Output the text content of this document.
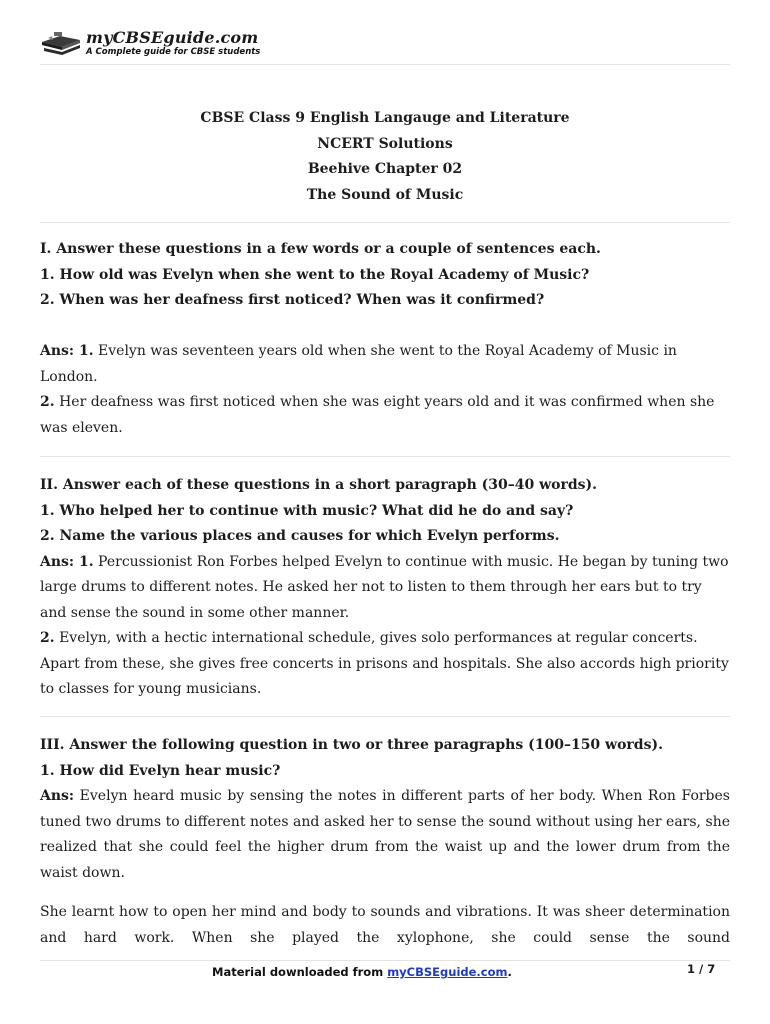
myCBSEguide.com
A Complete guide for CBSE students
CBSE Class 9 English Langauge and Literature
NCERT Solutions
Beehive Chapter 02
The Sound of Music

I. Answer these questions in a few words or a couple of sentences each.

1. How old was Evelyn when she went to the Royal Academy of Music?

2. When was her deafness first noticed? When was it confirmed?

Ans: 1. Evelyn was seventeen years old when she went to the Royal Academy of Music in London.

2. Her deafness was first noticed when she was eight years old and it was confirmed when she was eleven.

II. Answer each of these questions in a short paragraph (30–40 words).

1. Who helped her to continue with music? What did he do and say?

2. Name the various places and causes for which Evelyn performs.

Ans: 1. Percussionist Ron Forbes helped Evelyn to continue with music. He began by tuning two large drums to different notes. He asked her not to listen to them through her ears but to try and sense the sound in some other manner.

2. Evelyn, with a hectic international schedule, gives solo performances at regular concerts. Apart from these, she gives free concerts in prisons and hospitals. She also accords high priority to classes for young musicians.

III. Answer the following question in two or three paragraphs (100–150 words).

1. How did Evelyn hear music?

Ans: Evelyn heard music by sensing the notes in different parts of her body. When Ron Forbes tuned two drums to different notes and asked her to sense the sound without using her ears, she realized that she could feel the higher drum from the waist up and the lower drum from the waist down.

She learnt how to open her mind and body to sounds and vibrations. It was sheer determination and hard work. When she played the xylophone, she could sense the sound

Material downloaded from myCBSEguide.com.	1 / 7
